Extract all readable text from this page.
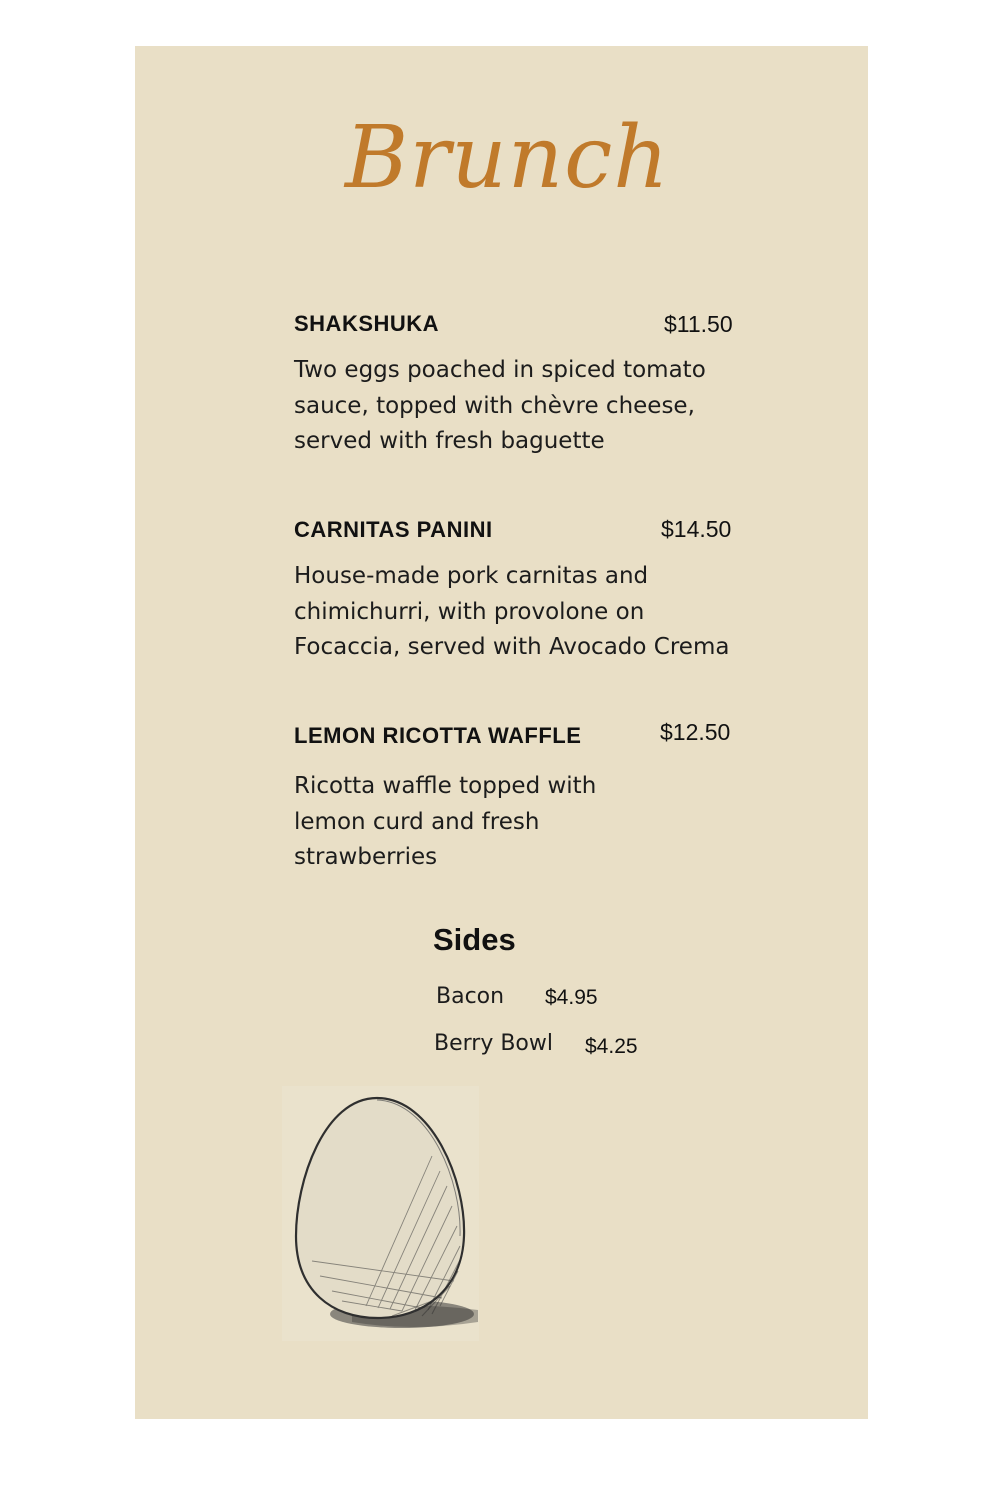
Brunch
SHAKSHUKA	$11.50
Two eggs poached in spiced tomato sauce, topped with chèvre cheese, served with fresh baguette
CARNITAS PANINI	$14.50
House-made pork carnitas and chimichurri, with provolone on Focaccia, served with Avocado Crema
LEMON RICOTTA WAFFLE	$12.50
Ricotta waffle topped with lemon curd and fresh strawberries
Sides
Bacon $4.95
Berry Bowl $4.25
